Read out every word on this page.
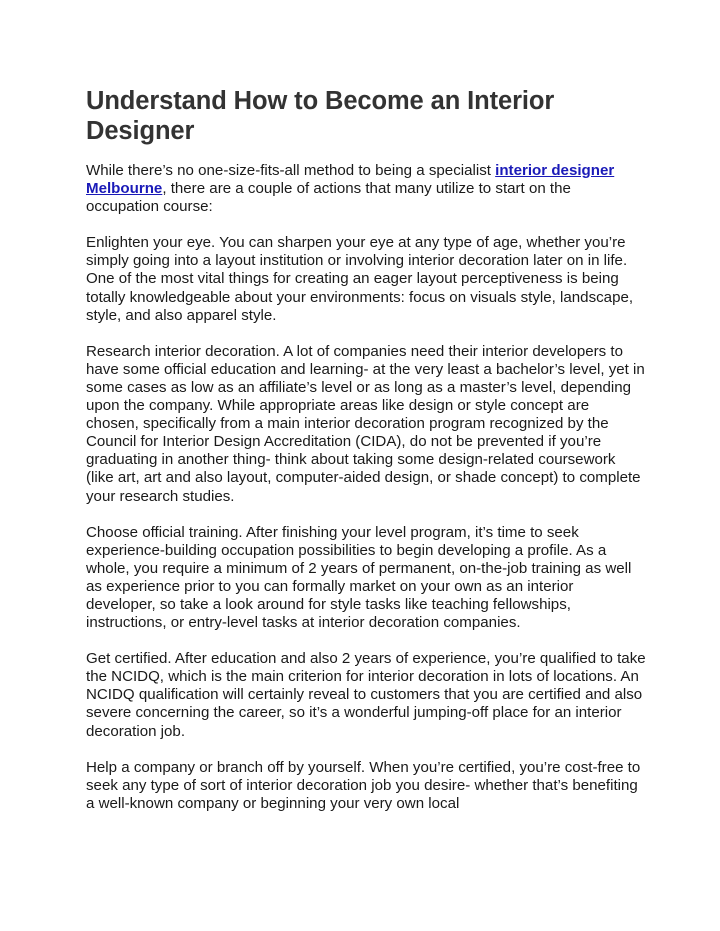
Understand How to Become an Interior Designer

While there’s no one-size-fits-all method to being a specialist interior designer Melbourne, there are a couple of actions that many utilize to start on the occupation course:

Enlighten your eye. You can sharpen your eye at any type of age, whether you’re simply going into a layout institution or involving interior decoration later on in life. One of the most vital things for creating an eager layout perceptiveness is being totally knowledgeable about your environments: focus on visuals style, landscape, style, and also apparel style.

Research interior decoration. A lot of companies need their interior developers to have some official education and learning- at the very least a bachelor’s level, yet in some cases as low as an affiliate’s level or as long as a master’s level, depending upon the company. While appropriate areas like design or style concept are chosen, specifically from a main interior decoration program recognized by the Council for Interior Design Accreditation (CIDA), do not be prevented if you’re graduating in another thing- think about taking some design-related coursework (like art, art and also layout, computer-aided design, or shade concept) to complete your research studies.

Choose official training. After finishing your level program, it’s time to seek experience-building occupation possibilities to begin developing a profile. As a whole, you require a minimum of 2 years of permanent, on-the-job training as well as experience prior to you can formally market on your own as an interior developer, so take a look around for style tasks like teaching fellowships, instructions, or entry-level tasks at interior decoration companies.

Get certified. After education and also 2 years of experience, you’re qualified to take the NCIDQ, which is the main criterion for interior decoration in lots of locations. An NCIDQ qualification will certainly reveal to customers that you are certified and also severe concerning the career, so it’s a wonderful jumping-off place for an interior decoration job.

Help a company or branch off by yourself. When you’re certified, you’re cost-free to seek any type of sort of interior decoration job you desire- whether that’s benefiting a well-known company or beginning your very own local
